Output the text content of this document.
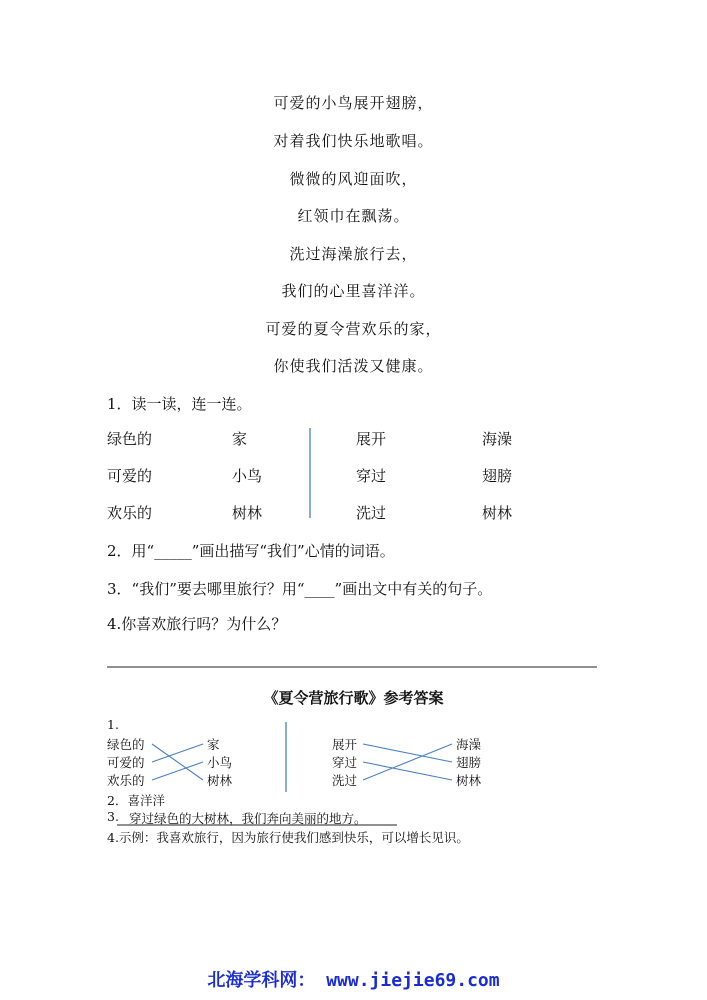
可爱的小鸟展开翅膀，
对着我们快乐地歌唱。
微微的风迎面吹，
红领巾在飘荡。
洗过海澡旅行去，
我们的心里喜洋洋。
可爱的夏令营欢乐的家，
你使我们活泼又健康。
1．读一读，连一连。
绿色的
可爱的
欢乐的
家
小鸟
树林
展开
穿过
洗过
海澡
翅膀
树林
2．用“_____”画出描写“我们”心情的词语。
3．“我们”要去哪里旅行？用“____”画出文中有关的句子。
4.你喜欢旅行吗？为什么？
《夏令营旅行歌》参考答案
1.
绿色的
可爱的
欢乐的
家
小鸟
树林
展开
穿过
洗过
海澡
翅膀
树林
2．喜洋洋
3. 穿过绿色的大树林，我们奔向美丽的地方。
4.示例：我喜欢旅行，因为旅行使我们感到快乐，可以增长见识。
北海学科网： www.jiejie69.com
